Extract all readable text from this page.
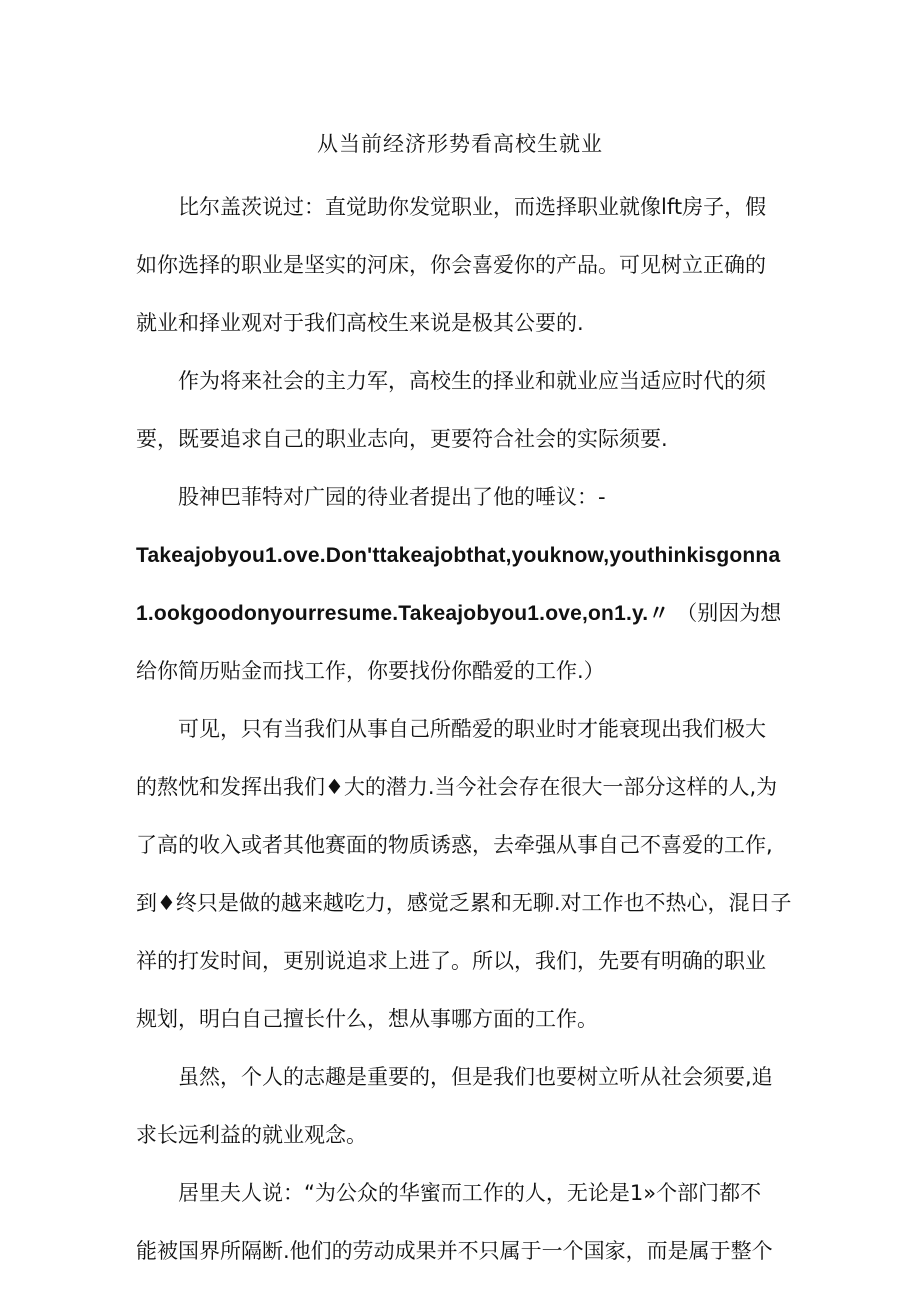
从当前经济形势看高校生就业
比尔盖茨说过：直觉助你发觉职业，而选择职业就像lft房子，假
如你选择的职业是坚实的河床，你会喜爱你的产品。可见树立正确的
就业和择业观对于我们高校生来说是极其公要的.
作为将来社会的主力军，高校生的择业和就业应当适应时代的须
要，既要追求自己的职业志向，更要符合社会的实际须要.
股神巴菲特对广园的待业者提出了他的唾议：-
Takeajobyou1.ove.Don'ttakeajobthat,youknow,youthinkisgonna
1.ookgoodonyourresume.Takeajobyou1.ove,on1.y.〃 （别因为想
给你简历贴金而找工作，你要找份你酷爱的工作.）
可见，只有当我们从事自己所酷爱的职业时才能衰现出我们极大
的熬忱和发挥出我们♦大的潜力.当今社会存在很大一部分这样的人,为
了高的收入或者其他赛面的物质诱惑，去牵强从事自己不喜爱的工作,
到♦终只是做的越来越吃力，感觉乏累和无聊.对工作也不热心，混日子
祥的打发时间，更别说追求上进了。所以，我们，先要有明确的职业
规划，明白自己擅长什么，想从事哪方面的工作。
虽然，个人的志趣是重要的，但是我们也要树立听从社会须要,追
求长远利益的就业观念。
居里夫人说：“为公众的华蜜而工作的人，无论是1»个部门都不
能被国界所隔断.他们的劳动成果并不只属于一个国家，而是属于整个
